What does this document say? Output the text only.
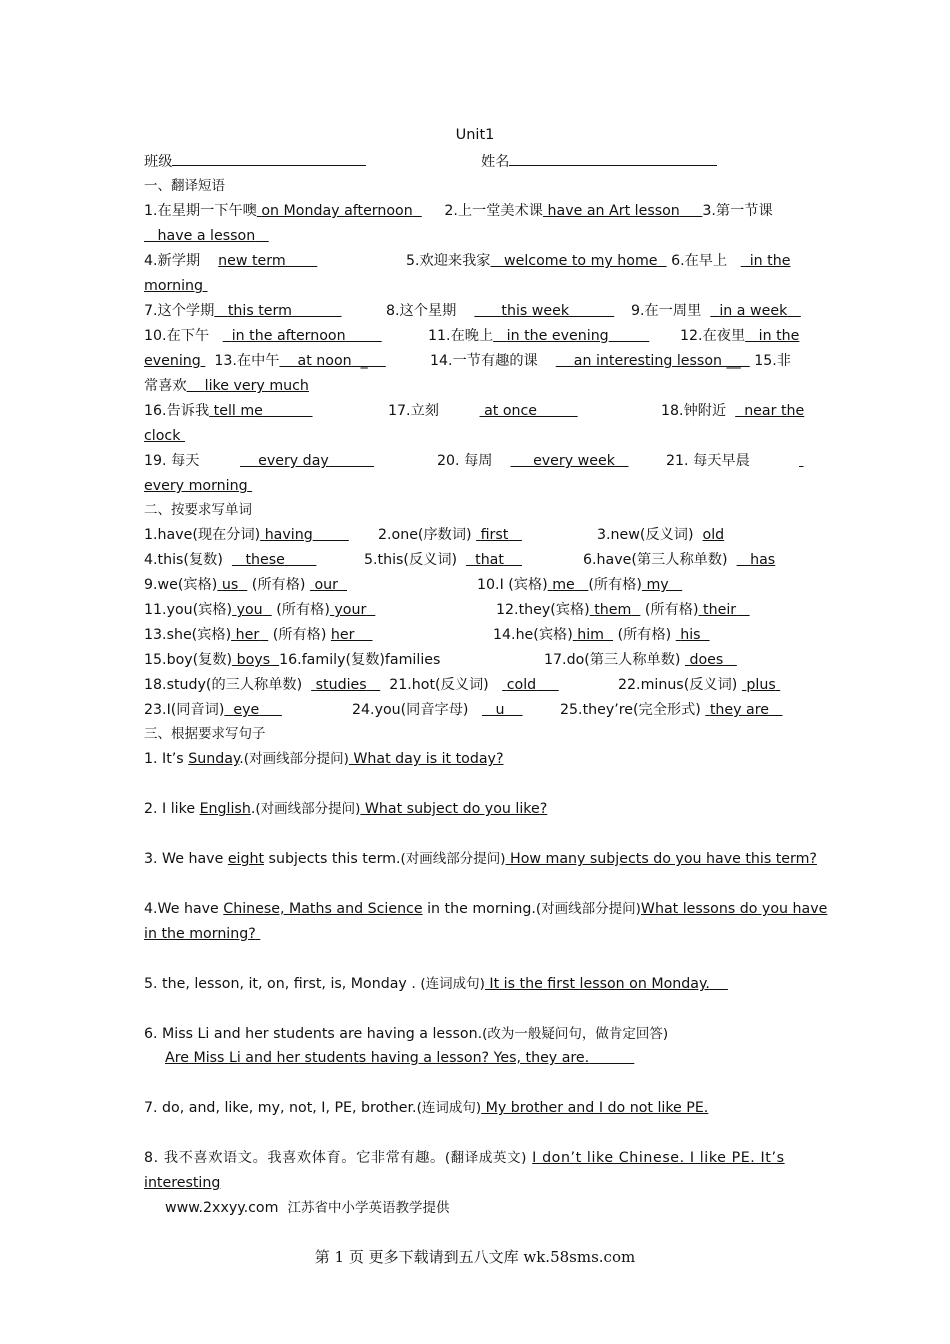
Unit1
班级	姓名
一、翻译短语
1.在星期一下午噢 on Monday afternoon 2.上一堂美术课 have an Art lesson 3.第一节课
have a lesson
4.新学期 new term	5.欢迎来我家 welcome to my home 6.在早上     in the
morning
7.这个学期 this term	8.这个星期	this week	9.在一周里 in a week
10.在下午 in the afternoon	11.在晚上 in the evening	12.在夜里   in the
evening   13.在中午 at noon  _	14.一节有趣的课	an interesting lesson __   15.非
常喜欢 like very much
16.告诉我 tell me	17.立刻	at once	18.钟附近    near the
clock
19. 每天	every day	20. 每周	every week	21. 每天早晨

every morning
二、按要求写单词
1.have(现在分词) having	2.one(序数词) first	3.new(反义词) old
4.this(复数) these	5.this(反义词) that	6.have(第三人称单数) has
9.we(宾格) us (所有格) our	10.I (宾格) me (所有格) my
11.you(宾格) you (所有格) your	12.they(宾格) them (所有格) their
13.she(宾格) her (所有格) her	14.he(宾格) him (所有格) his
15.boy(复数) boys 16.family(复数)families	17.do(第三人称单数) does
18.study(的三人称单数) studies 21.hot(反义词) cold	22.minus(反义词) plus
23.I(同音词) eye	24.you(同音字母) u	25.they’re(完全形式) they are
三、根据要求写句子
1. It’s Sunday.(对画线部分提问) What day is it today?
2. I like English.(对画线部分提问) What subject do you like?
3. We have eight subjects this term.(对画线部分提问) How many subjects do you have this term?
4.We have Chinese, Maths and Science in the morning.(对画线部分提问)What lessons do you have
in the morning?
5. the, lesson, it, on, first, is, Monday . (连词成句) It is the first lesson on Monday.
6. Miss Li and her students are having a lesson.(改为一般疑问句，做肯定回答)
Are Miss Li and her students having a lesson? Yes, they are.
7. do, and, like, my, not, I, PE, brother.(连词成句) My brother and I do not like PE.
8. 我不喜欢语文。我喜欢体育。它非常有趣。(翻译成英文) I don’t like Chinese. I like PE. It’s
interesting
www.2xxyy.com 江苏省中小学英语教学提供
第 1 页 更多下载请到五八文库 wk.58sms.com
